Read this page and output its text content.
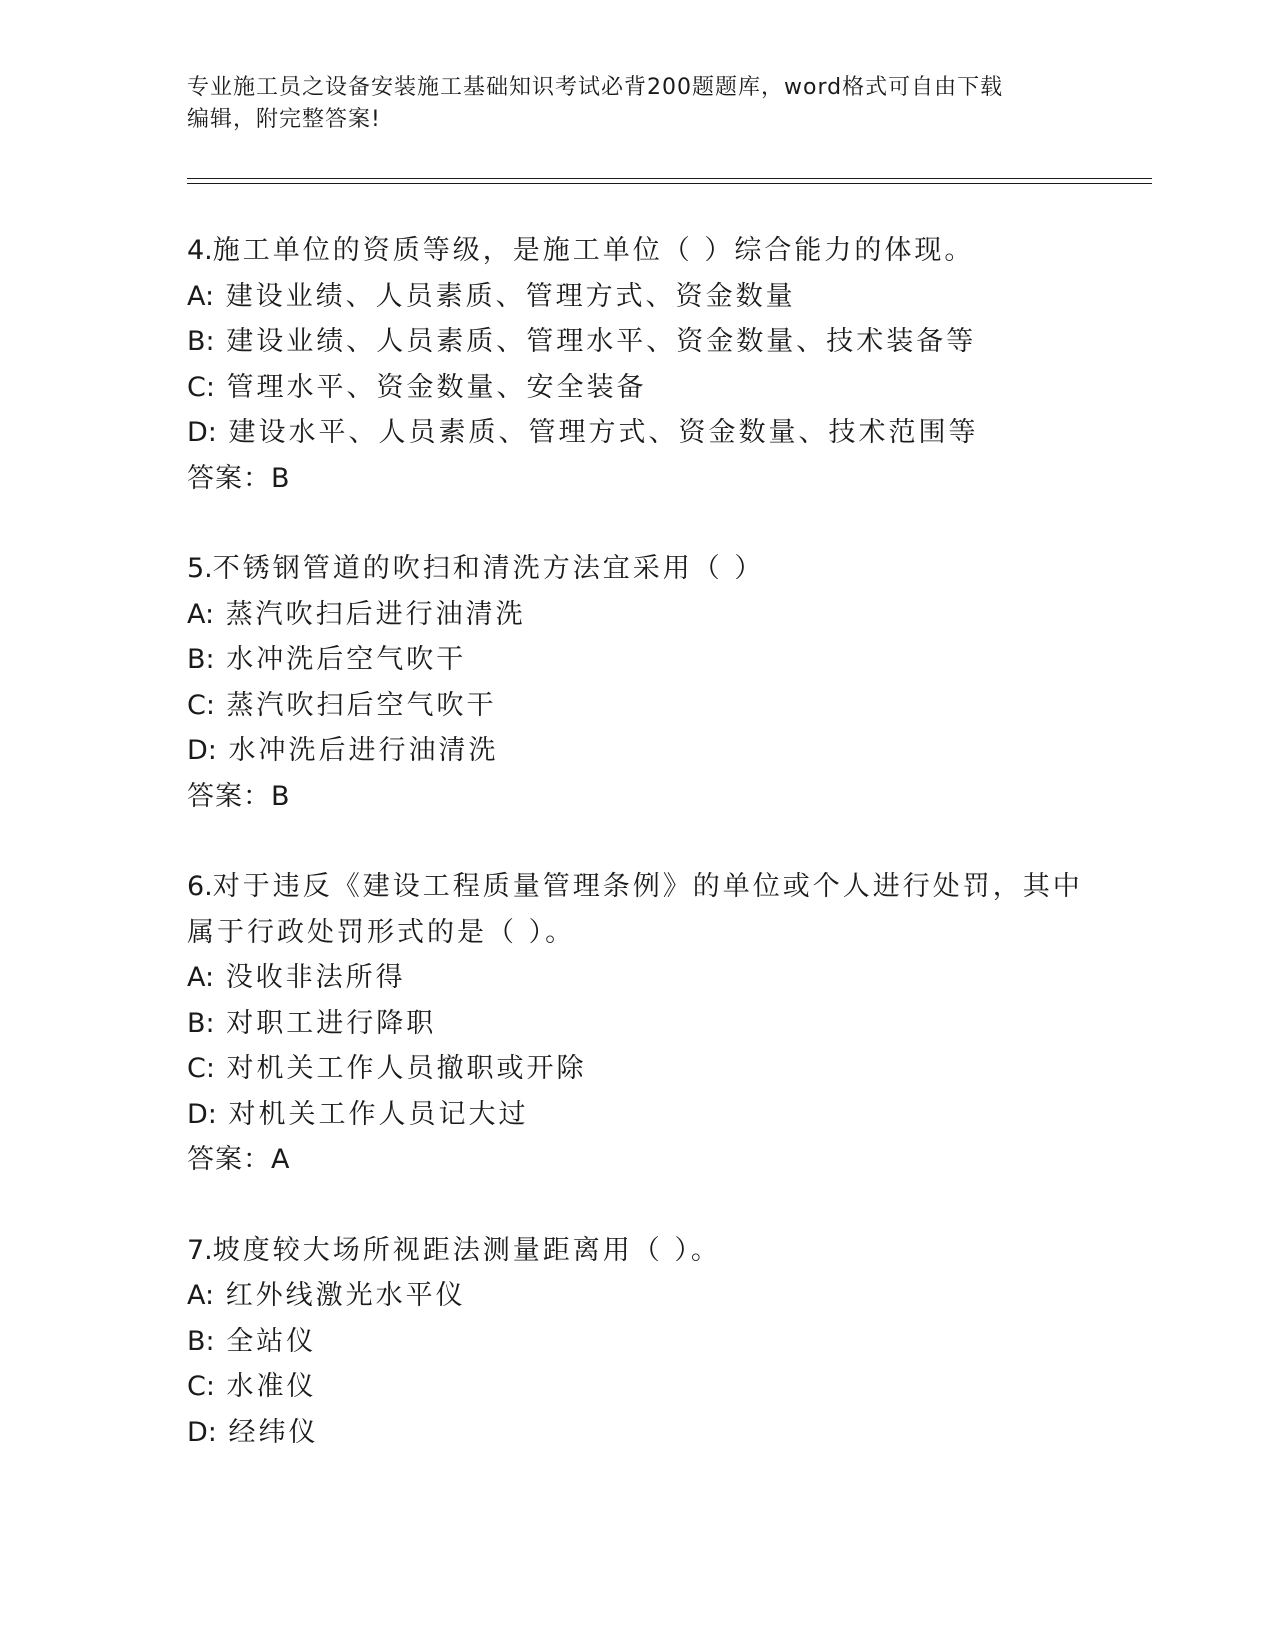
专业施工员之设备安装施工基础知识考试必背200题题库，word格式可自由下载
编辑，附完整答案!
4.施工单位的资质等级，是施工单位（ ）综合能力的体现。
A: 建设业绩、人员素质、管理方式、资金数量
B: 建设业绩、人员素质、管理水平、资金数量、技术装备等
C: 管理水平、资金数量、安全装备
D: 建设水平、人员素质、管理方式、资金数量、技术范围等
答案：B
5.不锈钢管道的吹扫和清洗方法宜采用（ ）
A: 蒸汽吹扫后进行油清洗
B: 水冲洗后空气吹干
C: 蒸汽吹扫后空气吹干
D: 水冲洗后进行油清洗
答案：B
6.对于违反《建设工程质量管理条例》的单位或个人进行处罚，其中
属于行政处罚形式的是（ ）。
A: 没收非法所得
B: 对职工进行降职
C: 对机关工作人员撤职或开除
D: 对机关工作人员记大过
答案：A
7.坡度较大场所视距法测量距离用（ ）。
A: 红外线激光水平仪
B: 全站仪
C: 水准仪
D: 经纬仪
